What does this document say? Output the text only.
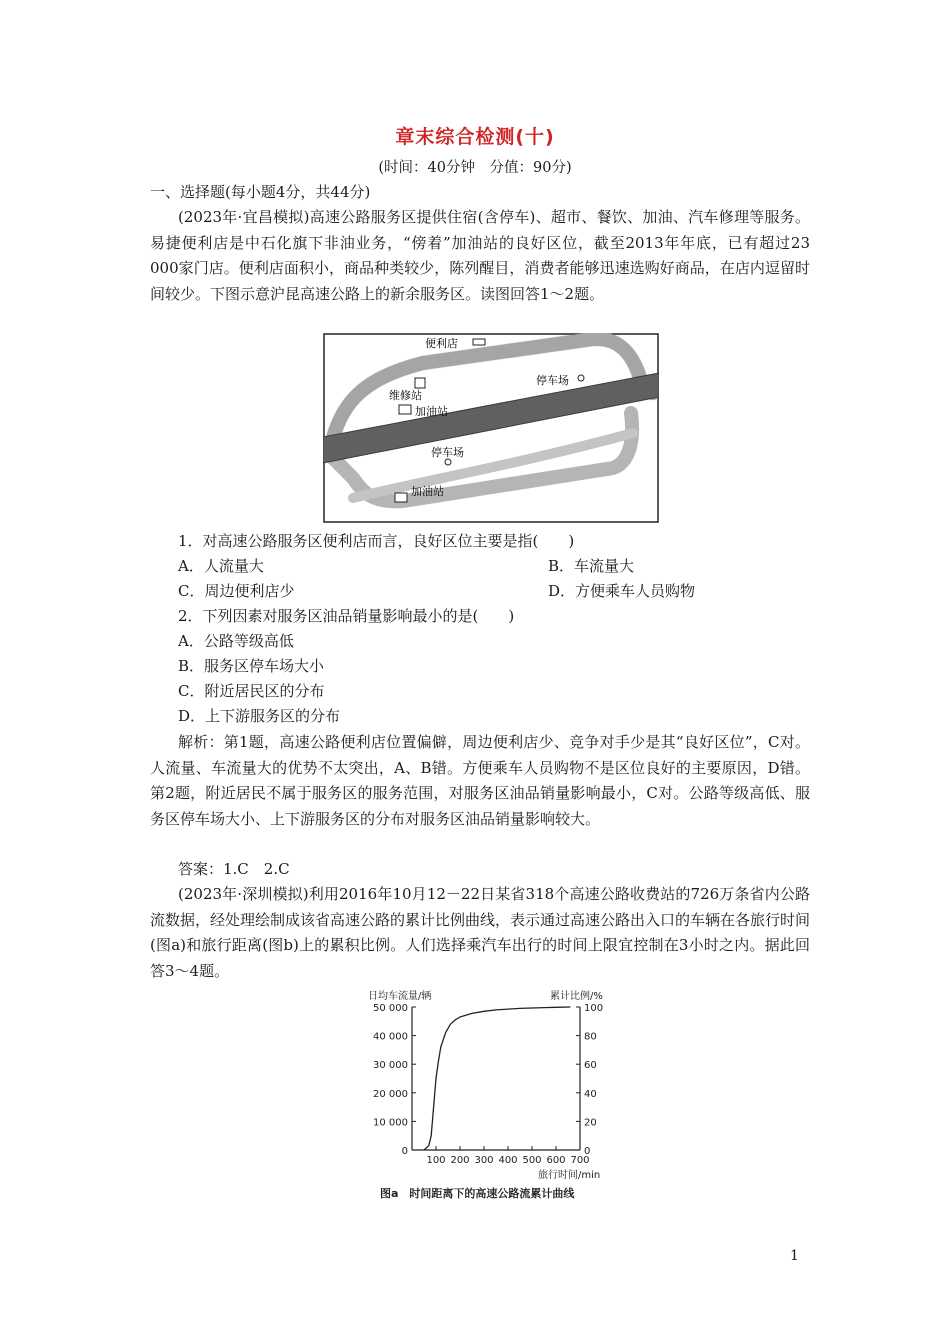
章末综合检测(十)
(时间：40分钟　分值：90分)

一、选择题(每小题4分，共44分)

(2023年·宜昌模拟)高速公路服务区提供住宿(含停车)、超市、餐饮、加油、汽车修理等服务。易捷便利店是中石化旗下非油业务，“傍着”加油站的良好区位，截至2013年年底，已有超过23 000家门店。便利店面积小，商品种类较少，陈列醒目，消费者能够迅速选购好商品，在店内逗留时间较少。下图示意沪昆高速公路上的新余服务区。读图回答1～2题。

便利店
停车场
维修站
加油站
停车场
加油站

1．对高速公路服务区便利店而言，良好区位主要是指(　　)

A．人流量大	B．车流量大

C．周边便利店少	D．方便乘车人员购物

2．下列因素对服务区油品销量影响最小的是(　　)

A．公路等级高低

B．服务区停车场大小

C．附近居民区的分布

D．上下游服务区的分布

解析：第1题，高速公路便利店位置偏僻，周边便利店少、竞争对手少是其“良好区位”，C对。人流量、车流量大的优势不太突出，A、B错。方便乘车人员购物不是区位良好的主要原因，D错。第2题，附近居民不属于服务区的服务范围，对服务区油品销量影响最小，C对。公路等级高低、服务区停车场大小、上下游服务区的分布对服务区油品销量影响较大。

答案：1.C　2.C

(2023年·深圳模拟)利用2016年10月12－22日某省318个高速公路收费站的726万条省内公路流数据，经处理绘制成该省高速公路的累计比例曲线，表示通过高速公路出入口的车辆在各旅行时间(图a)和旅行距离(图b)上的累积比例。人们选择乘汽车出行的时间上限宜控制在3小时之内。据此回答3～4题。

日均车流量/辆	累计比例/%
旅行时间/min
图a　时间距离下的高速公路流累计曲线
0
10 000
20 000
30 000
40 000
50 000
0
20
40
60
80
100
100 200 300 400 500 600 700
1
